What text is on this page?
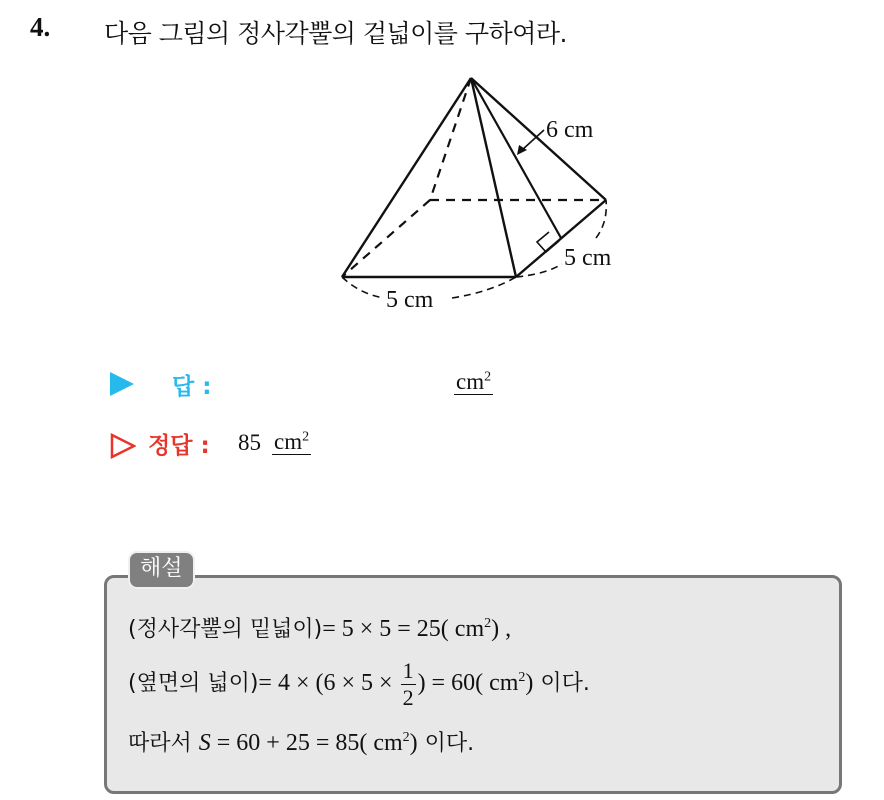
4. 다음 그림의 정사각뿔의 겉넓이를 구하여라.
6 cm
5 cm
5 cm
답 :	$cm^2$
정답 : 85 $cm^2$
해설
(정사각뿔의 밑넓이)= 5 × 5 = 25( $cm^2$) ,
(옆면의 넓이)= $4 \times (6 \times 5 \times \frac{1}{2}$ ) = 60( $cm^2$) 이다.
따라서 S = 60 + 25 = 85( $cm^2$) 이다.
